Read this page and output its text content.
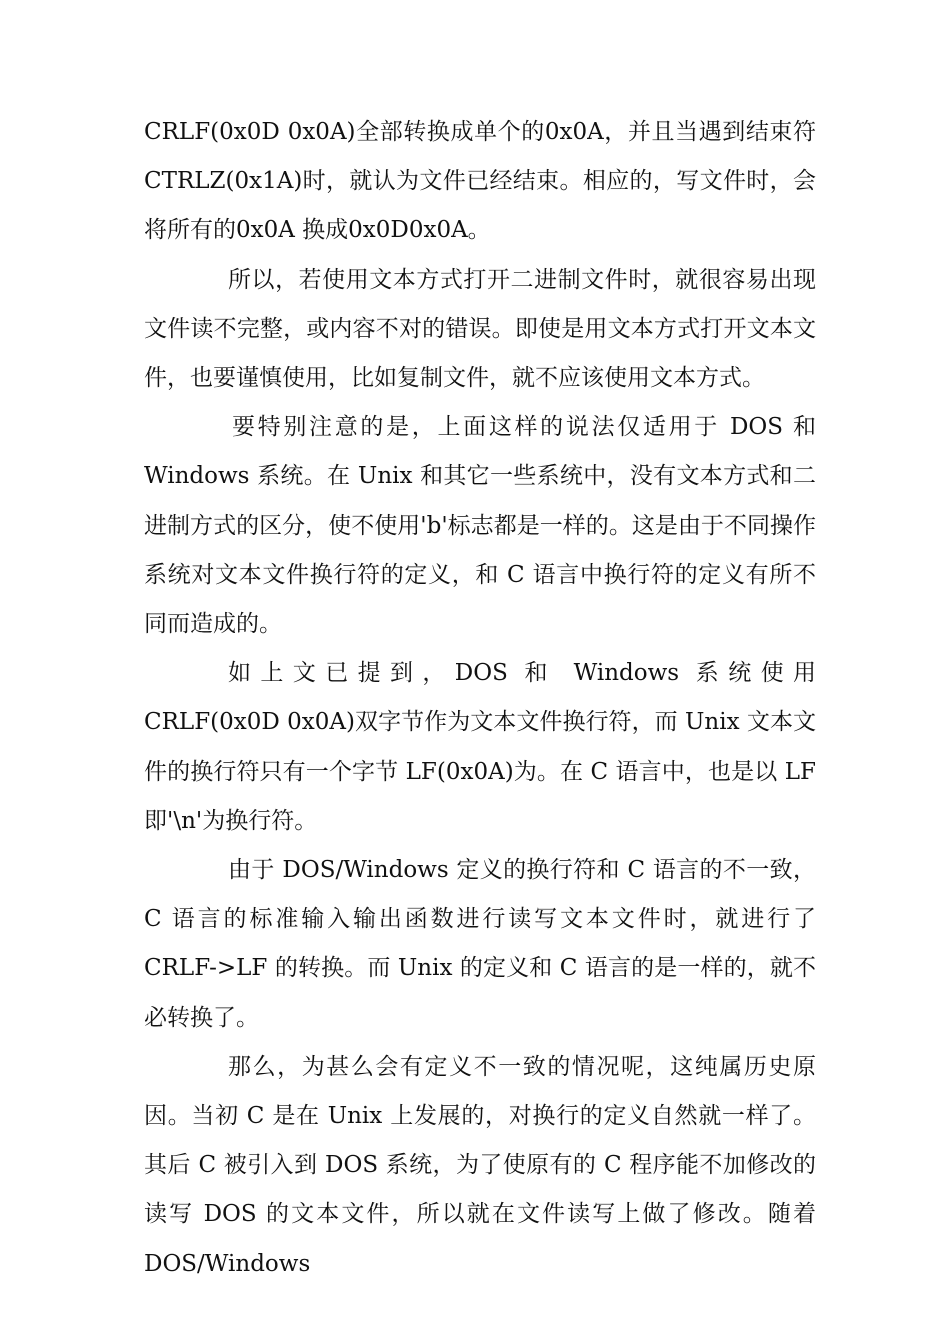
CRLF(0x0D 0x0A)全部转换成单个的0x0A，并且当遇到结束符CTRLZ(0x1A)时，就认为文件已经结束。相应的，写文件时，会将所有的0x0A 换成0x0D0x0A。

所以，若使用文本方式打开二进制文件时，就很容易出现文件读不完整，或内容不对的错误。即使是用文本方式打开文本文件，也要谨慎使用，比如复制文件，就不应该使用文本方式。

要特别注意的是，上面这样的说法仅适用于 DOS 和 Windows 系统。在 Unix 和其它一些系统中，没有文本方式和二进制方式的区分，使不使用'b'标志都是一样的。这是由于不同操作系统对文本文件换行符的定义，和 C 语言中换行符的定义有所不同而造成的。

如上文已提到，DOS 和 Windows 系统使用 CRLF(0x0D 0x0A)双字节作为文本文件换行符，而 Unix 文本文件的换行符只有一个字节 LF(0x0A)为。在 C 语言中，也是以 LF 即'\n'为换行符。

由于 DOS/Windows 定义的换行符和 C 语言的不一致，C 语言的标准输入输出函数进行读写文本文件时，就进行了 CRLF->LF 的转换。而 Unix 的定义和 C 语言的是一样的，就不必转换了。

那么，为甚么会有定义不一致的情况呢，这纯属历史原因。当初 C 是在 Unix 上发展的，对换行的定义自然就一样了。其后 C 被引入到 DOS 系统，为了使原有的 C 程序能不加修改的读写 DOS 的文本文件，所以就在文件读写上做了修改。随着 DOS/Windows
